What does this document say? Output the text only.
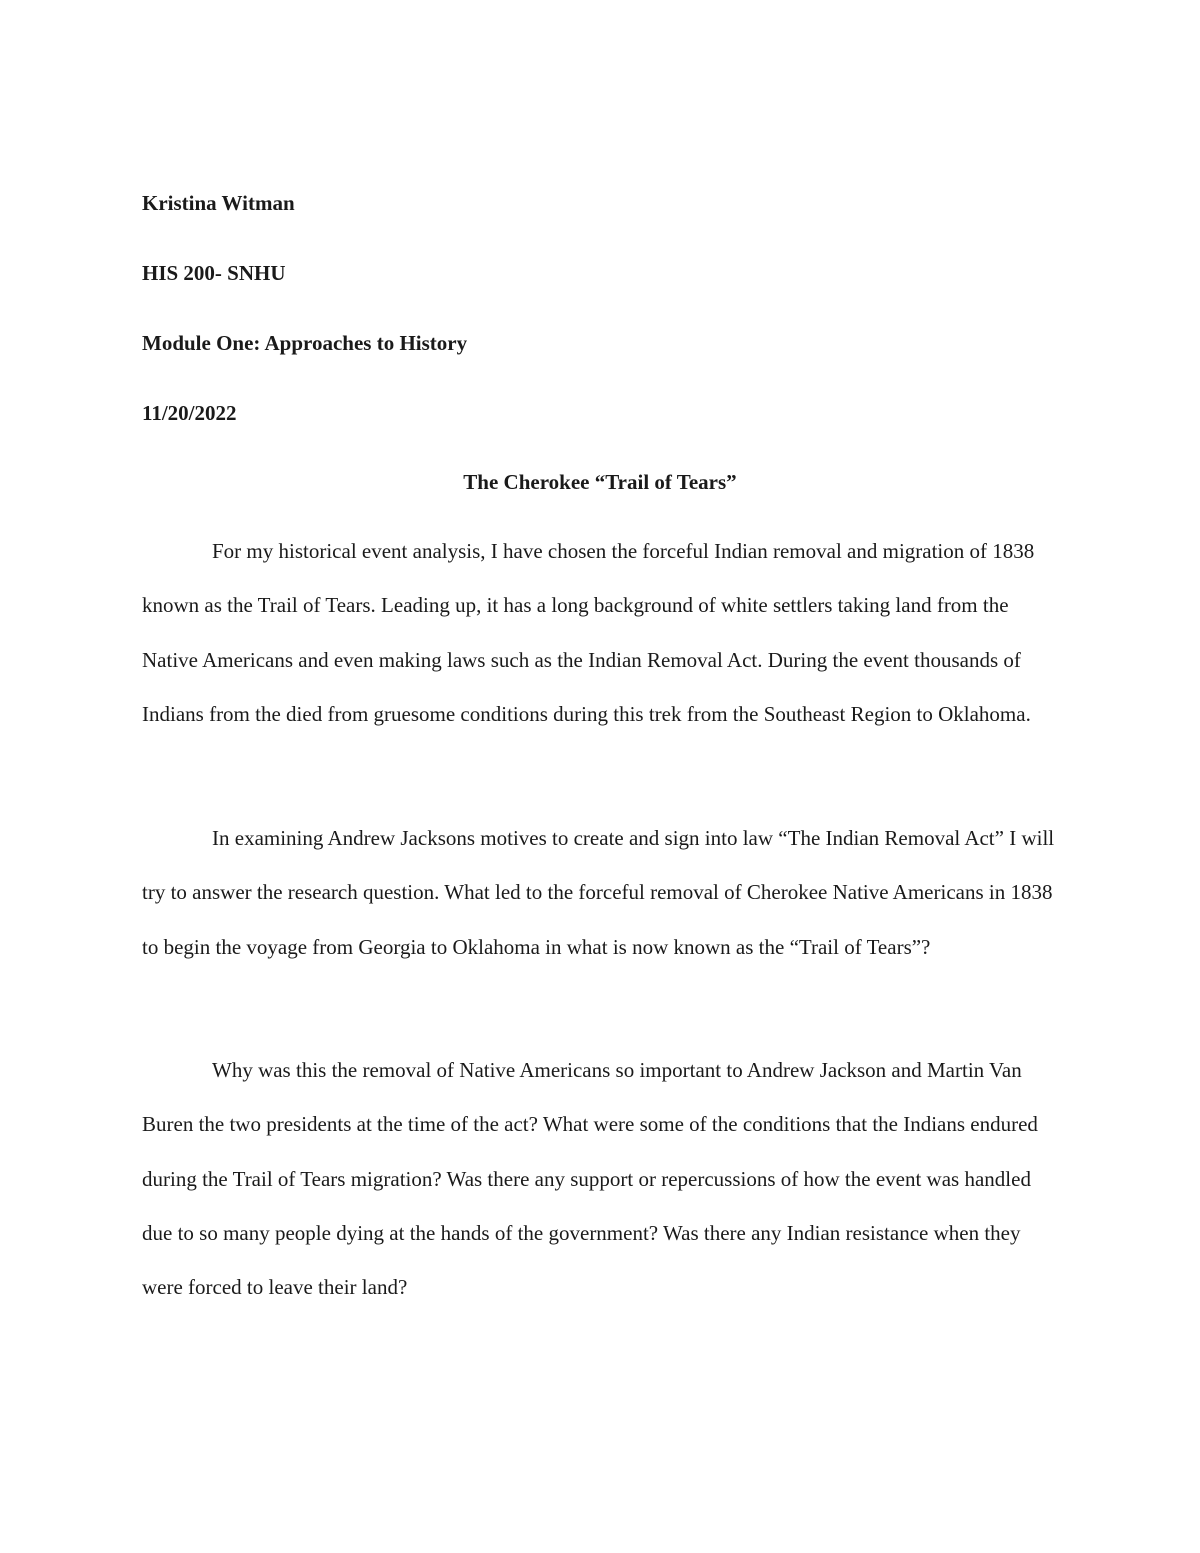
Kristina Witman
HIS 200- SNHU
Module One: Approaches to History
11/20/2022
The Cherokee “Trail of Tears”

For my historical event analysis, I have chosen the forceful Indian removal and migration of 1838 known as the Trail of Tears. Leading up, it has a long background of white settlers taking land from the Native Americans and even making laws such as the Indian Removal Act. During the event thousands of Indians from the died from gruesome conditions during this trek from the Southeast Region to Oklahoma.

In examining Andrew Jacksons motives to create and sign into law “The Indian Removal Act” I will try to answer the research question. What led to the forceful removal of Cherokee Native Americans in 1838 to begin the voyage from Georgia to Oklahoma in what is now known as the “Trail of Tears”?

Why was this the removal of Native Americans so important to Andrew Jackson and Martin Van Buren the two presidents at the time of the act? What were some of the conditions that the Indians endured during the Trail of Tears migration? Was there any support or repercussions of how the event was handled due to so many people dying at the hands of the government? Was there any Indian resistance when they were forced to leave their land?
